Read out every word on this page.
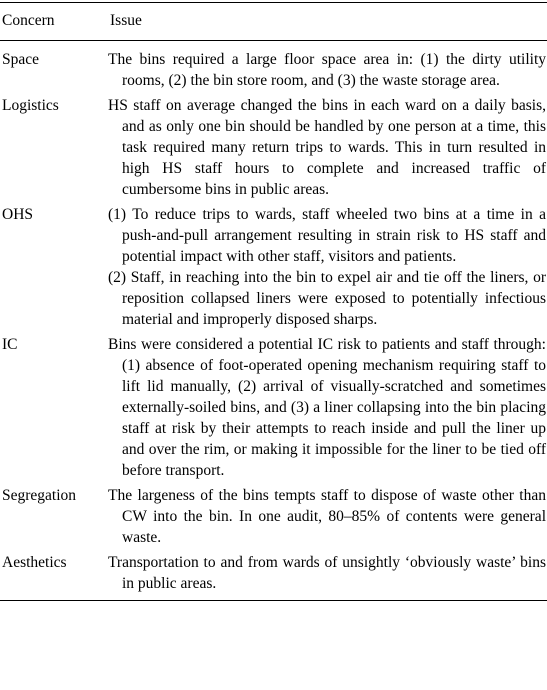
Concern	Issue
Space	The bins required a large floor space area in: (1) the dirty utility rooms, (2) the bin store room, and (3) the waste storage area.

Logistics	HS staff on average changed the bins in each ward on a daily basis, and as only one bin should be handled by one person at a time, this task required many return trips to wards. This in turn resulted in high HS staff hours to complete and increased traffic of cumbersome bins in public areas.

OHS	(1) To reduce trips to wards, staff wheeled two bins at a time in a push-and-pull arrangement resulting in strain risk to HS staff and potential impact with other staff, visitors and patients.
(2) Staff, in reaching into the bin to expel air and tie off the liners, or reposition collapsed liners were exposed to potentially infectious material and improperly disposed sharps.

IC	Bins were considered a potential IC risk to patients and staff through: (1) absence of foot-operated opening mechanism requiring staff to lift lid manually, (2) arrival of visually-scratched and sometimes externally-soiled bins, and (3) a liner collapsing into the bin placing staff at risk by their attempts to reach inside and pull the liner up and over the rim, or making it impossible for the liner to be tied off before transport.

Segregation	The largeness of the bins tempts staff to dispose of waste other than CW into the bin. In one audit, 80–85% of contents were general waste.

Aesthetics	Transportation to and from wards of unsightly ‘obviously waste’ bins in public areas.
